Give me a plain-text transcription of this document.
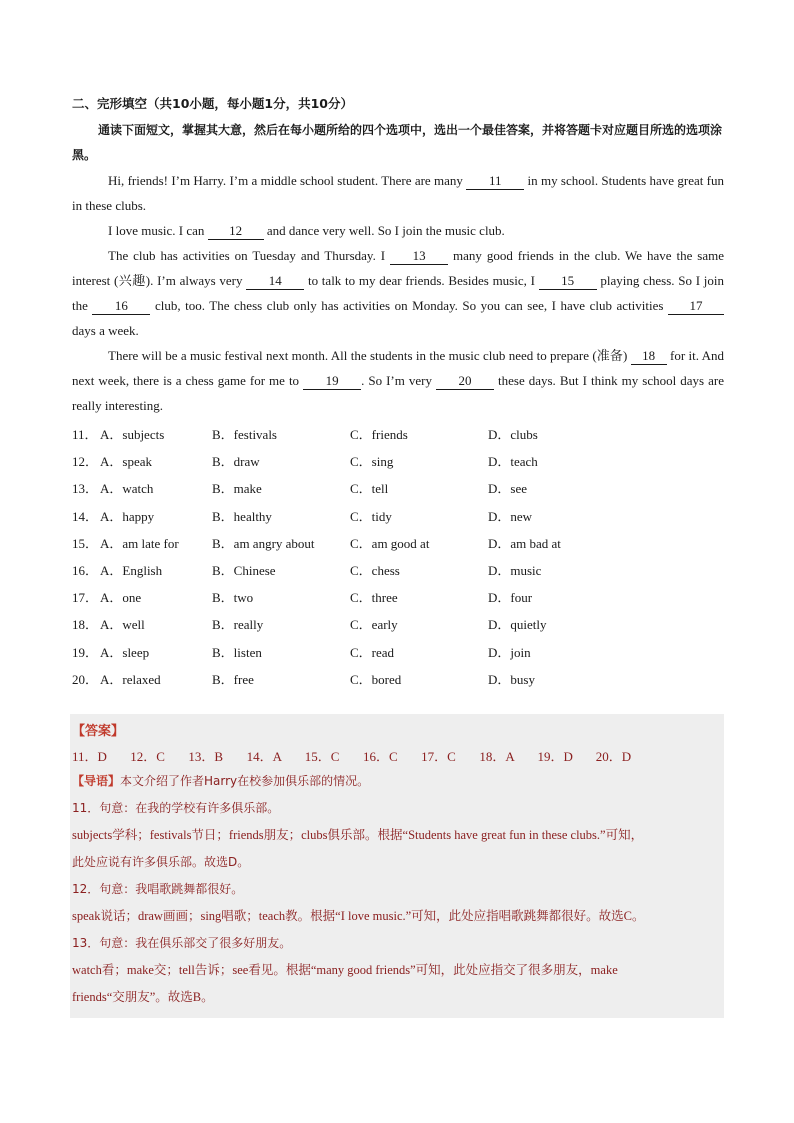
二、完形填空（共10小题，每小题1分，共10分）

通读下面短文，掌握其大意，然后在每小题所给的四个选项中，选出一个最佳答案，并将答题卡对应题目所选的选项涂黑。

Hi, friends! I’m Harry. I’m a middle school student. There are many 11 in my school. Students have great fun in these clubs.

I love music. I can 12 and dance very well. So I join the music club.

The club has activities on Tuesday and Thursday. I 13 many good friends in the club. We have the same interest (兴趣). I’m always very 14 to talk to my dear friends. Besides music, I 15 playing chess. So I join the 16 club, too. The chess club only has activities on Monday. So you can see, I have club activities 17 days a week.

There will be a music festival next month. All the students in the music club need to prepare (准备) 18 for it. And next week, there is a chess game for me to 19 . So I’m very 20 these days. But I think my school days are really interesting.

11． A．subjects	B．festivals	C．friends	D．clubs
12． A．speak	B．draw	C．sing	D．teach
13． A．watch	B．make	C．tell	D．see
14． A．happy	B．healthy	C．tidy	D．new
15． A．am late for	B．am angry about	C．am good at	D．am bad at
16． A．English	B．Chinese	C．chess	D．music
17． A．one	B．two	C．three	D．four
18． A．well	B．really	C．early	D．quietly
19． A．sleep	B．listen	C．read	D．join
20． A．relaxed	B．free	C．bored	D．busy
【答案】
11．D	12．C	13．B	14．A	15．C	16．C	17．C	18．A	19．D	20．D
【导语】本文介绍了作者Harry在校参加俱乐部的情况。
11．句意：在我的学校有许多俱乐部。
subjects学科；festivals节日；friends朋友；clubs俱乐部。根据“Students have great fun in these clubs.”可知，
此处应说有许多俱乐部。故选D。
12．句意：我唱歌跳舞都很好。
speak说话；draw画画；sing唱歌；teach教。根据“I love music.”可知，此处应指唱歌跳舞都很好。故选C。
13．句意：我在俱乐部交了很多好朋友。
watch看；make交；tell告诉；see看见。根据“many good friends”可知，此处应指交了很多朋友，make
friends“交朋友”。故选B。
